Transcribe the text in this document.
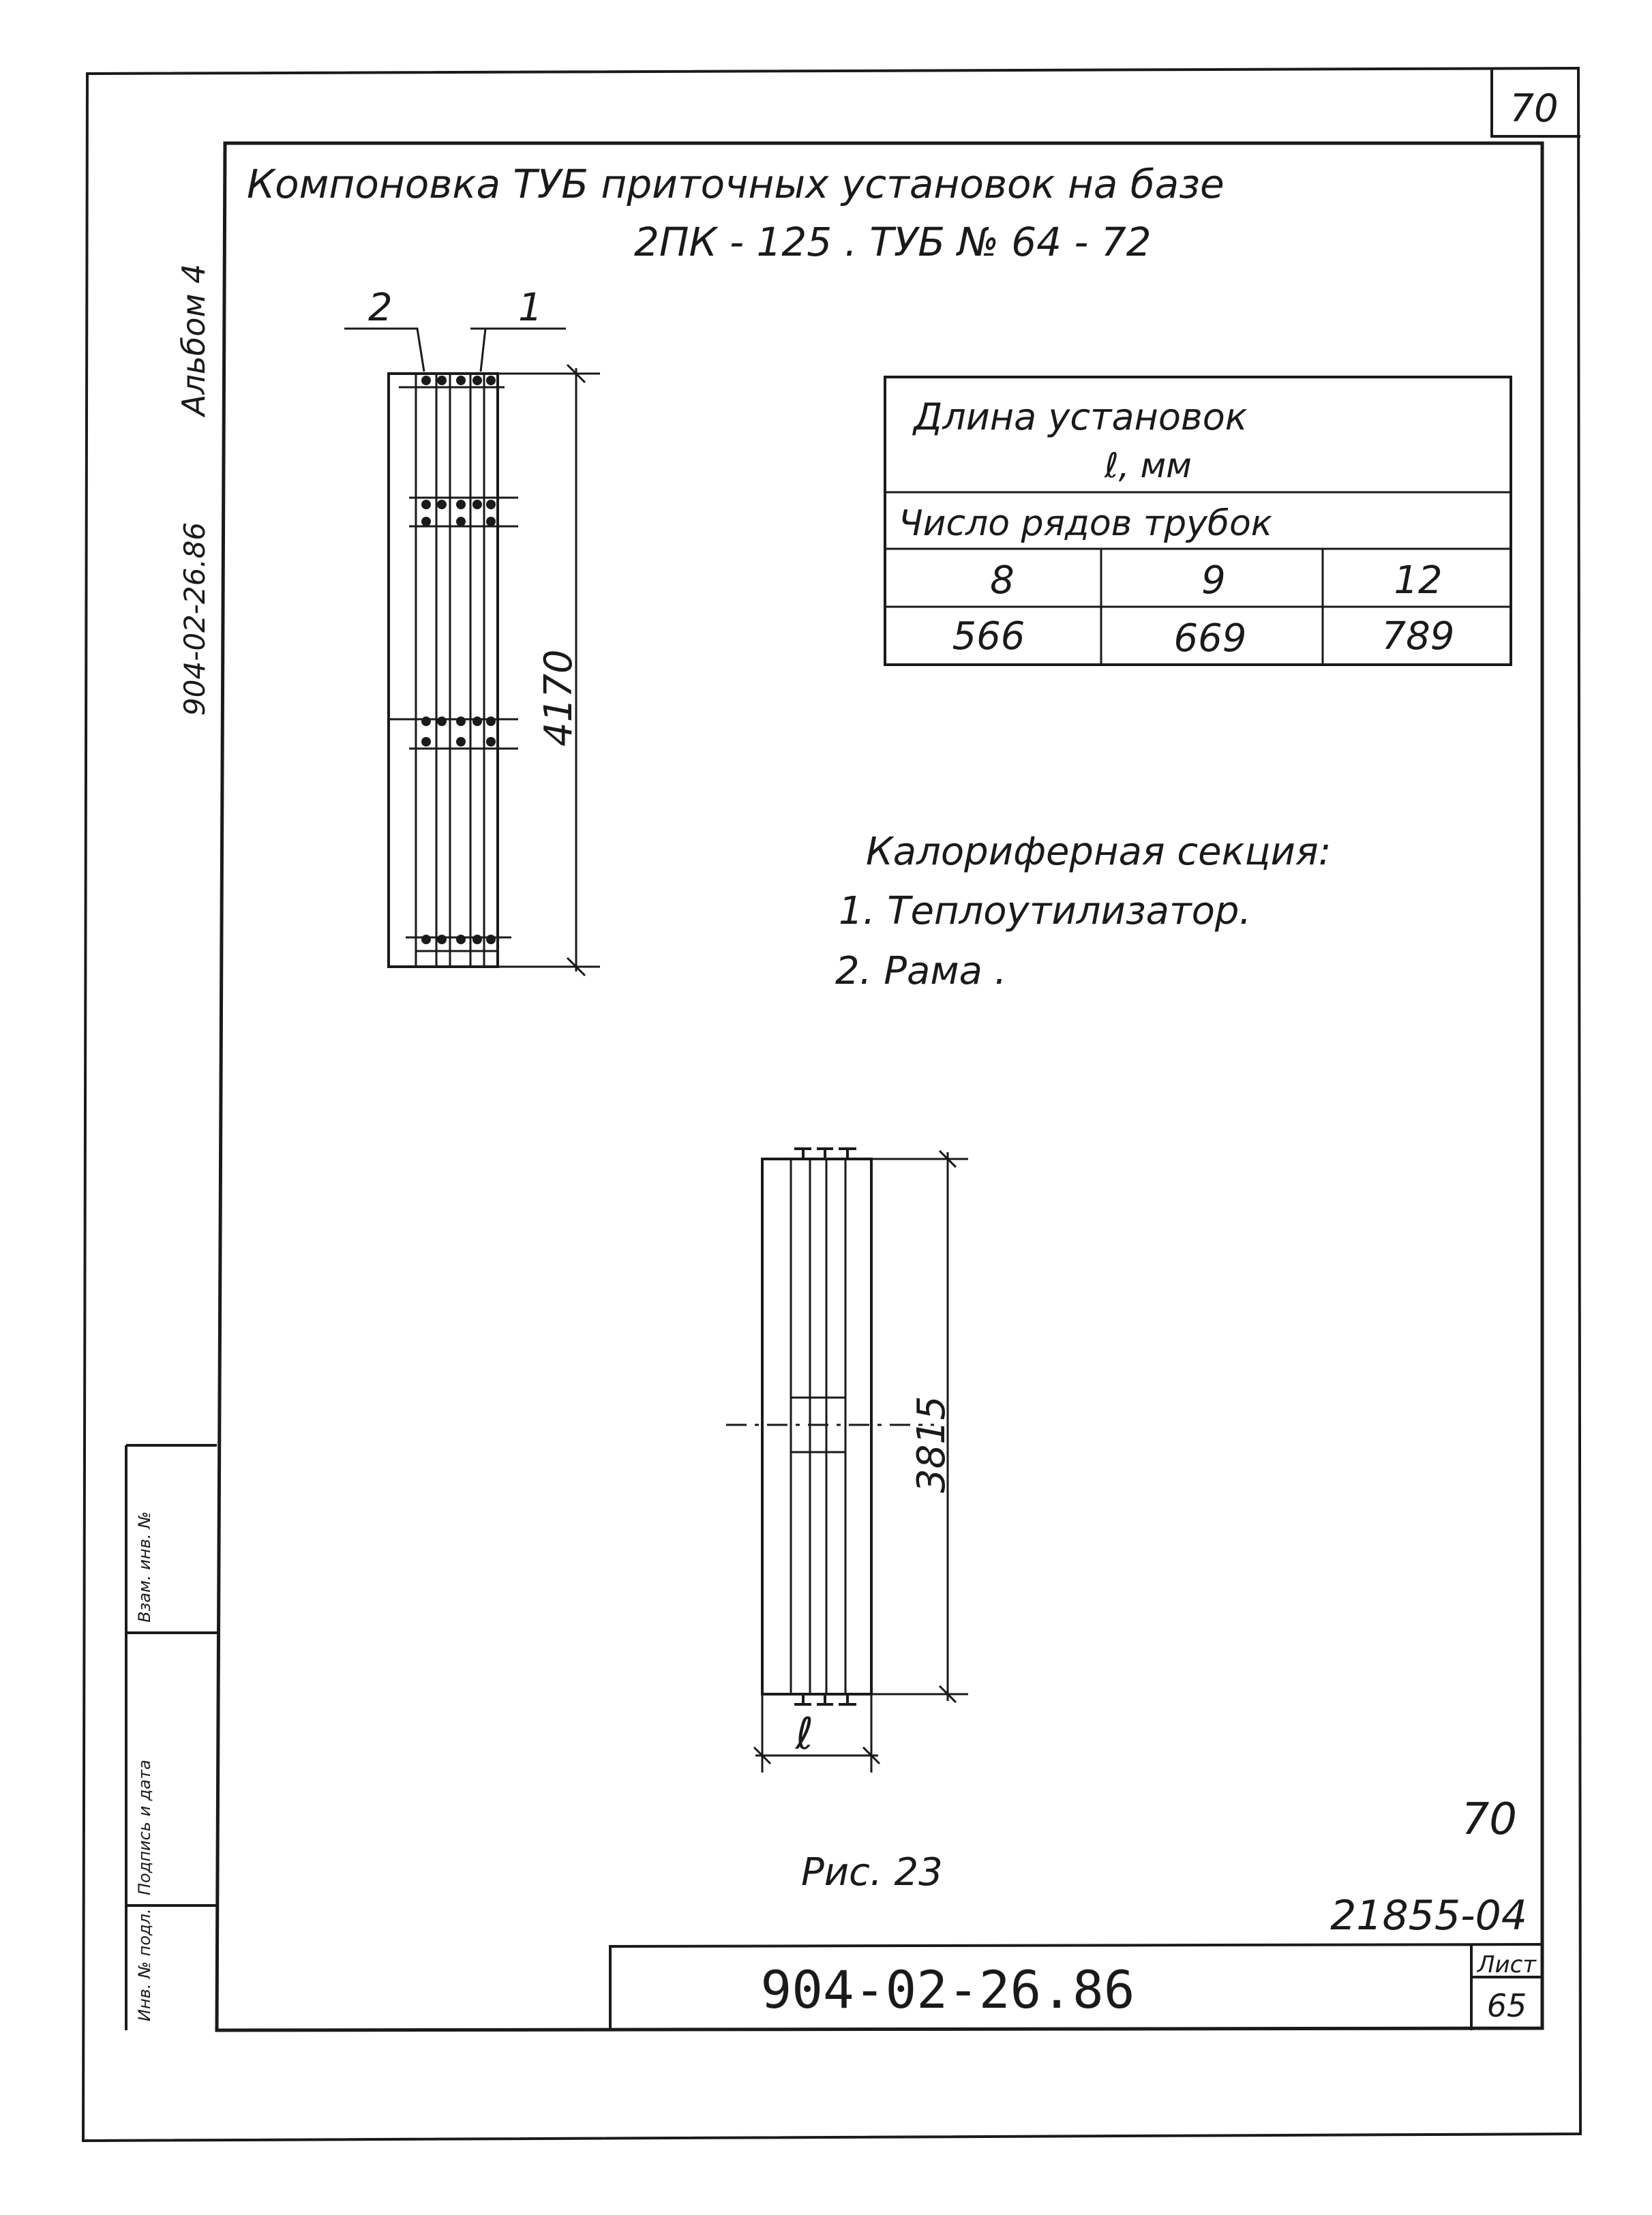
70
Инв. № подл.
Подпись и дата
Взам. инв. №
904-02-26.86
Альбом 4
Компоновка ТУБ приточных установок на базе
2ПК - 125 . ТУБ № 64 - 72
2	1
4170
Длина установок
ℓ, мм
Число рядов трубок
8	9	12
566	669	789
Калориферная секция:
1. Теплоутилизатор.
2. Рама .
3815
ℓ
Рис. 23
70
21855-04
904-02-26.86	Лист
65
